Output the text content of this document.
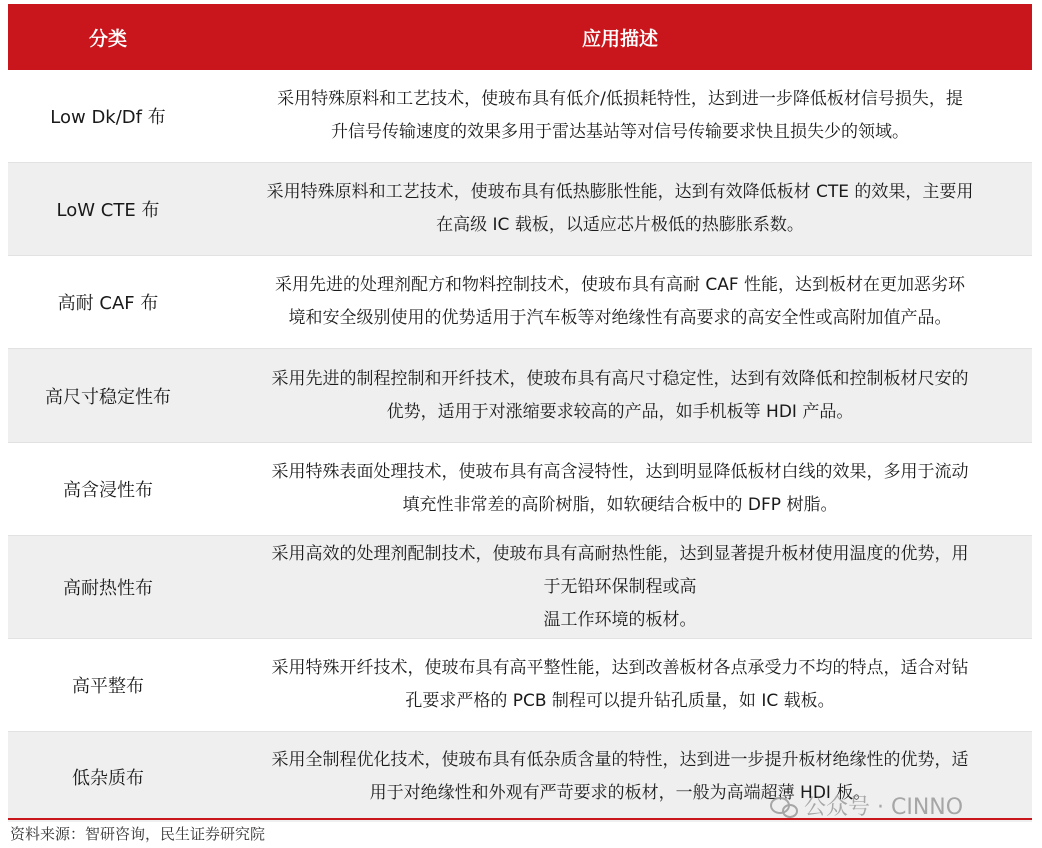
分类	应用描述
Low Dk/Df 布
采用特殊原料和工艺技术，使玻布具有低介/低损耗特性，达到进一步降低板材信号损失，提
升信号传输速度的效果多用于雷达基站等对信号传输要求快且损失少的领域。
LoW CTE 布
采用特殊原料和工艺技术，使玻布具有低热膨胀性能，达到有效降低板材 CTE 的效果，主要用
在高级 IC 载板，以适应芯片极低的热膨胀系数。
高耐 CAF 布
采用先进的处理剂配方和物料控制技术，使玻布具有高耐 CAF 性能，达到板材在更加恶劣环
境和安全级别使用的优势适用于汽车板等对绝缘性有高要求的高安全性或高附加值产品。
高尺寸稳定性布
采用先进的制程控制和开纤技术，使玻布具有高尺寸稳定性，达到有效降低和控制板材尺安的
优势，适用于对涨缩要求较高的产品，如手机板等 HDI 产品。
高含浸性布
采用特殊表面处理技术，使玻布具有高含浸特性，达到明显降低板材白线的效果，多用于流动
填充性非常差的高阶树脂，如软硬结合板中的 DFP 树脂。
高耐热性布
采用高效的处理剂配制技术，使玻布具有高耐热性能，达到显著提升板材使用温度的优势，用
于无铅环保制程或高
温工作环境的板材。
高平整布
采用特殊开纤技术，使玻布具有高平整性能，达到改善板材各点承受力不均的特点，适合对钻
孔要求严格的 PCB 制程可以提升钻孔质量，如 IC 载板。
低杂质布
采用全制程优化技术，使玻布具有低杂质含量的特性，达到进一步提升板材绝缘性的优势，适
用于对绝缘性和外观有严苛要求的板材，一般为高端超薄 HDI 板。
公众号 · CINNO
资料来源：智研咨询，民生证券研究院
